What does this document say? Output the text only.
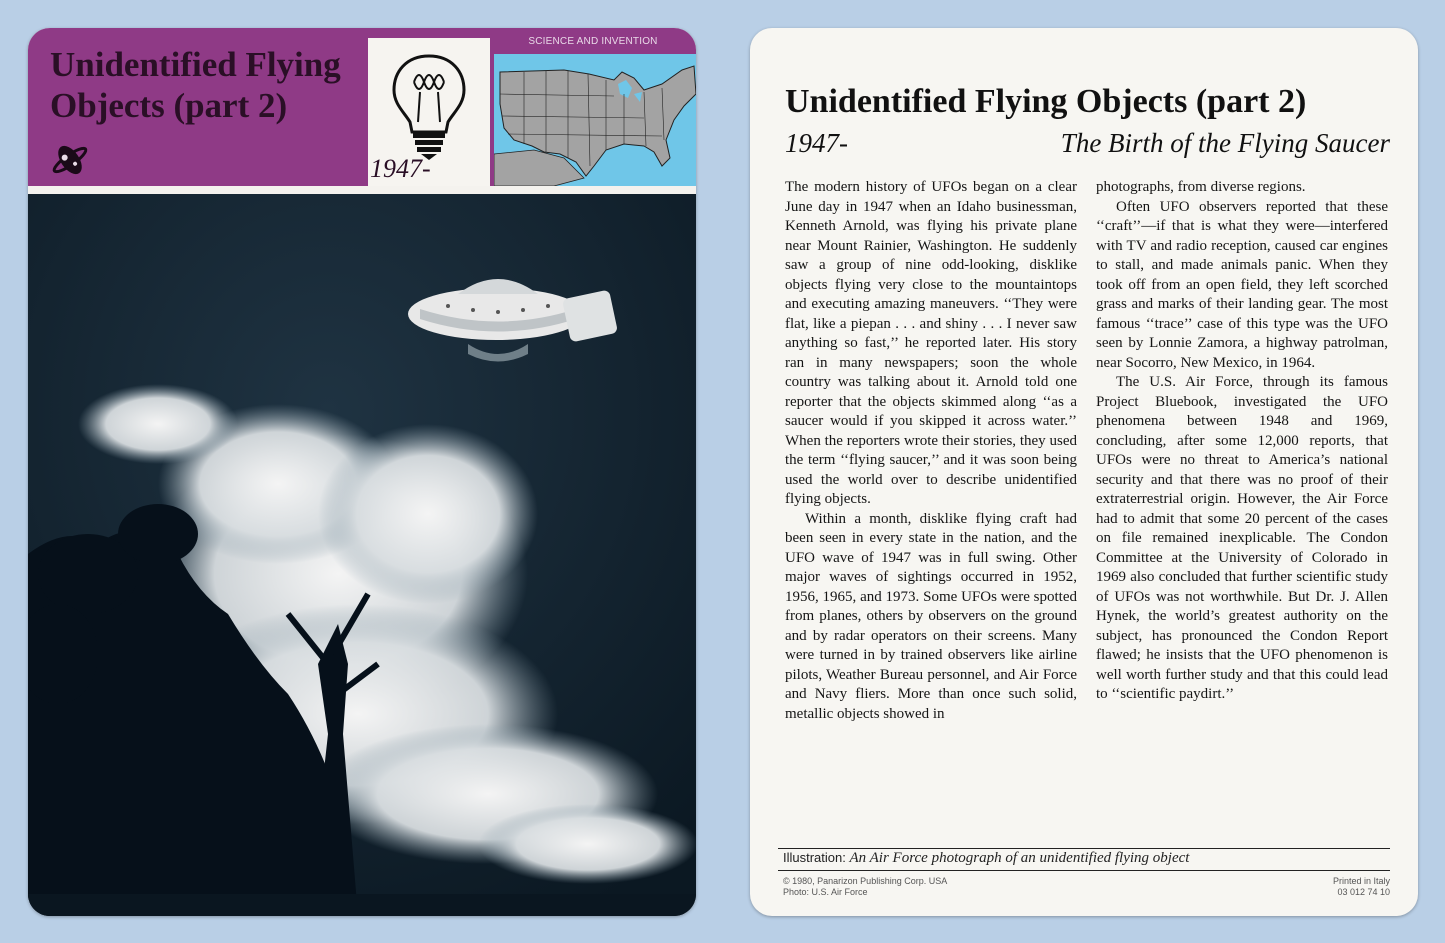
Unidentified Flying
Objects (part 2)
1947-
SCIENCE AND INVENTION
Unidentified Flying Objects (part 2)
1947-	The Birth of the Flying Saucer

The modern history of UFOs began on a clear June day in 1947 when an Idaho businessman, Kenneth Arnold, was flying his private plane near Mount Rainier, Washington. He suddenly saw a group of nine odd-looking, disklike objects flying very close to the mountaintops and executing amazing maneuvers. ‘‘They were flat, like a piepan . . . and shiny . . . I never saw anything so fast,’’ he reported later. His story ran in many newspapers; soon the whole country was talking about it. Arnold told one reporter that the objects skimmed along ‘‘as a saucer would if you skipped it across water.’’ When the reporters wrote their stories, they used the term ‘‘flying saucer,’’ and it was soon being used the world over to describe unidentified flying objects.

Within a month, disklike flying craft had been seen in every state in the nation, and the UFO wave of 1947 was in full swing. Other major waves of sightings occurred in 1952, 1956, 1965, and 1973. Some UFOs were spotted from planes, others by observers on the ground and by radar operators on their screens. Many were turned in by trained observers like airline pilots, Weather Bureau personnel, and Air Force and Navy fliers. More than once such solid, metallic objects showed in

photographs, from diverse regions.

Often UFO observers reported that these ‘‘craft’’—if that is what they were—interfered with TV and radio reception, caused car engines to stall, and made animals panic. When they took off from an open field, they left scorched grass and marks of their landing gear. The most famous ‘‘trace’’ case of this type was the UFO seen by Lonnie Zamora, a highway patrolman, near Socorro, New Mexico, in 1964.

The U.S. Air Force, through its famous Project Bluebook, investigated the UFO phenomena between 1948 and 1969, concluding, after some 12,000 reports, that UFOs were no threat to America’s national security and that there was no proof of their extraterrestrial origin. However, the Air Force had to admit that some 20 percent of the cases on file remained inexplicable. The Condon Committee at the University of Colorado in 1969 also concluded that further scientific study of UFOs was not worthwhile. But Dr. J. Allen Hynek, the world’s greatest authority on the subject, has pronounced the Condon Report flawed; he insists that the UFO phenomenon is well worth further study and that this could lead to ‘‘scientific paydirt.’’

Illustration: An Air Force photograph of an unidentified flying object
© 1980, Panarizon Publishing Corp. USA
Photo: U.S. Air Force
Printed in Italy
03 012 74 10
